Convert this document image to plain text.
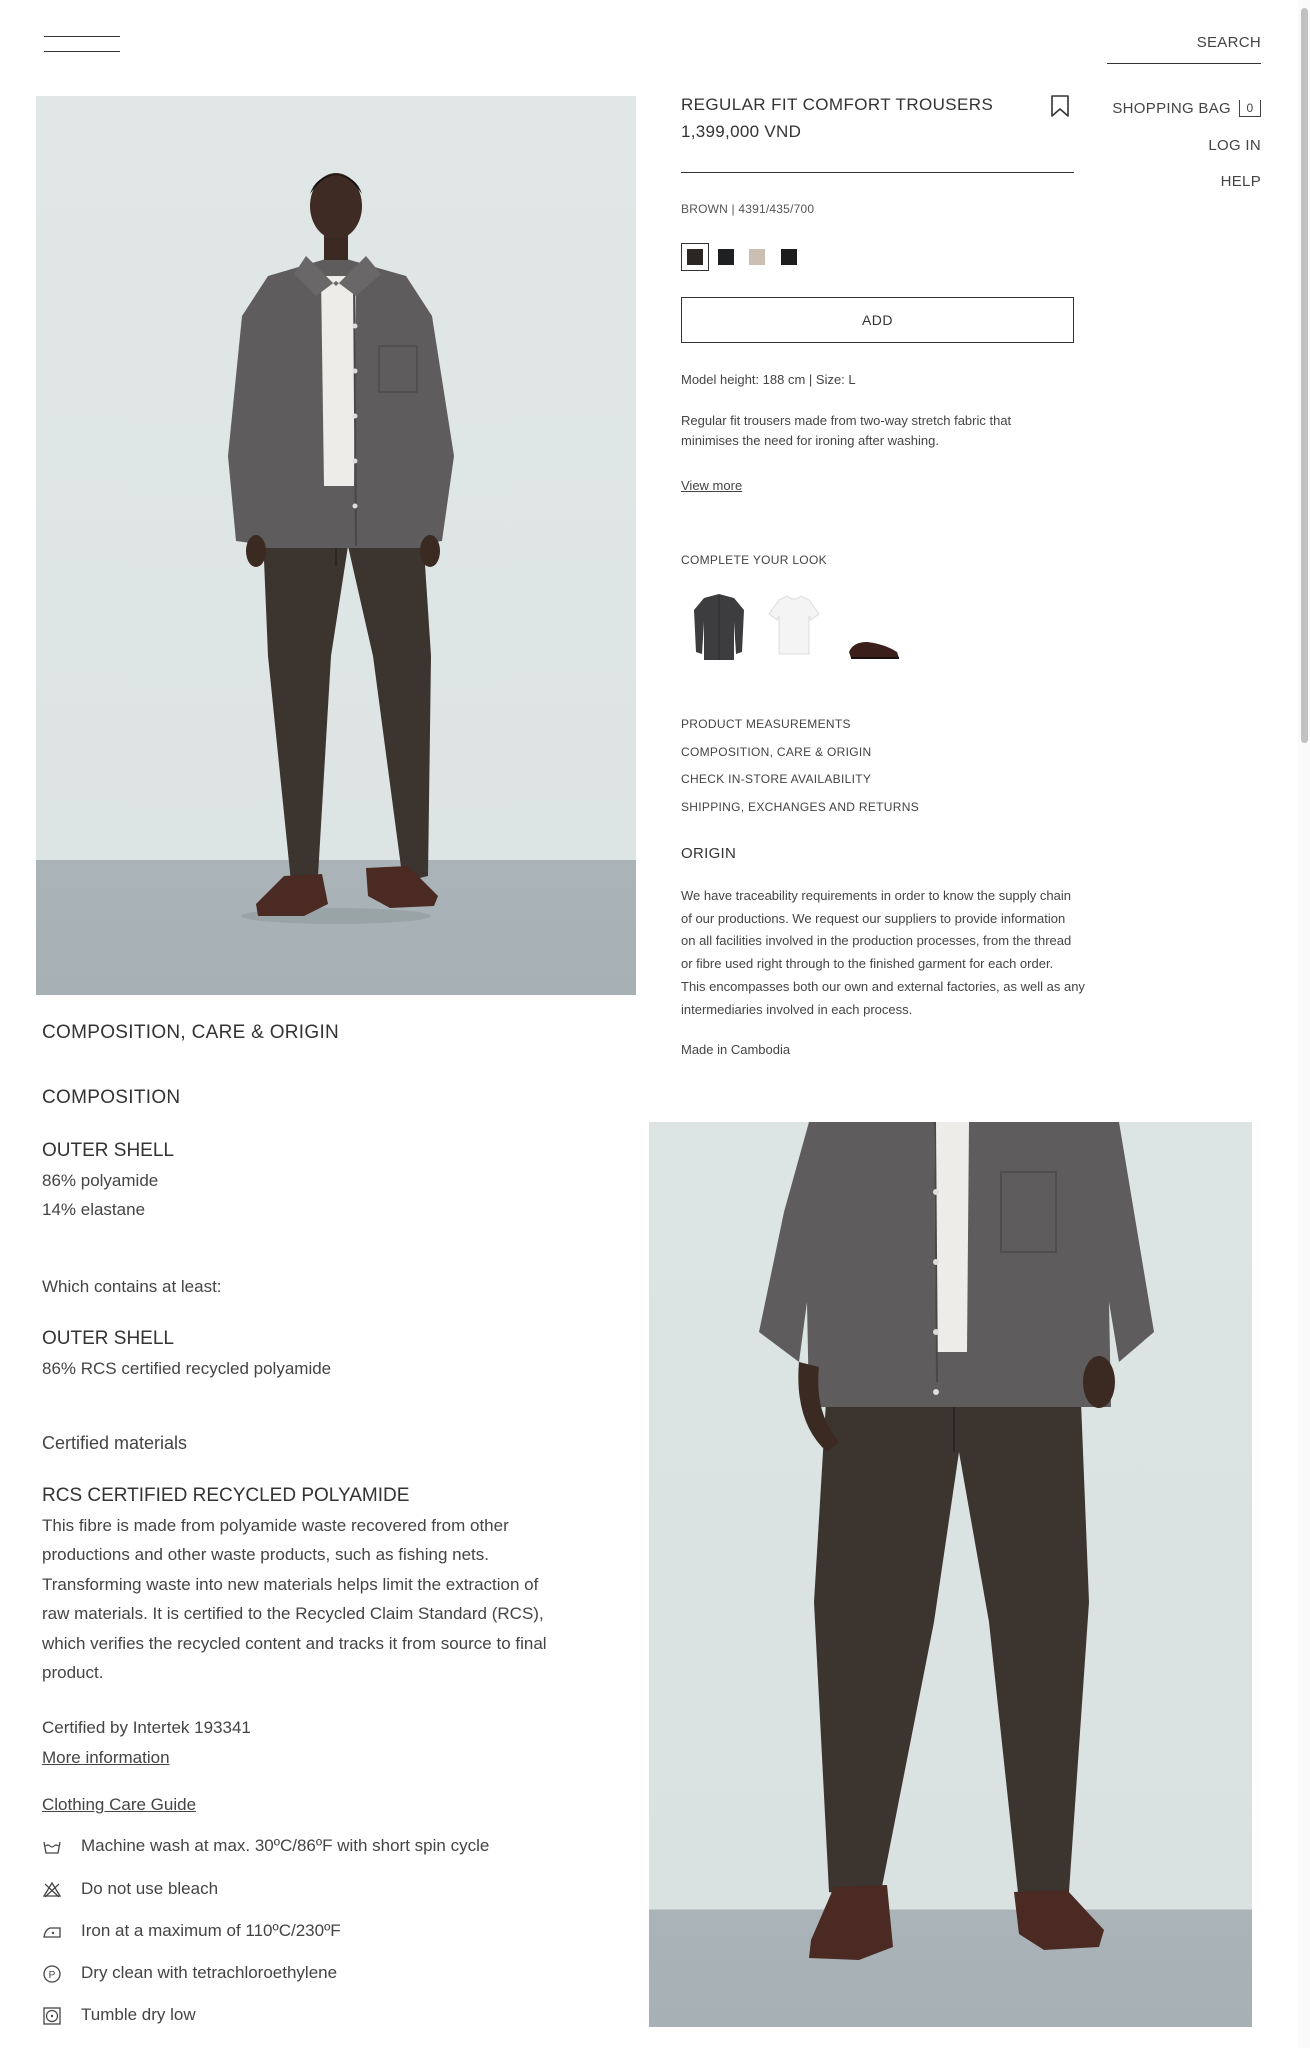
SEARCH
SHOPPING BAG 0
LOG IN
HELP
REGULAR FIT COMFORT TROUSERS
1,399,000 VND
BROWN | 4391/435/700
ADD
Model height: 188 cm | Size: L
Regular fit trousers made from two-way stretch fabric that
minimises the need for ironing after washing.
View more
COMPLETE YOUR LOOK
PRODUCT MEASUREMENTS
COMPOSITION, CARE & ORIGIN
CHECK IN-STORE AVAILABILITY
SHIPPING, EXCHANGES AND RETURNS
ORIGIN
We have traceability requirements in order to know the supply chain
of our productions. We request our suppliers to provide information
on all facilities involved in the production processes, from the thread
or fibre used right through to the finished garment for each order.
This encompasses both our own and external factories, as well as any
intermediaries involved in each process.
Made in Cambodia
COMPOSITION, CARE & ORIGIN
COMPOSITION
OUTER SHELL
86% polyamide
14% elastane
Which contains at least:
OUTER SHELL
86% RCS certified recycled polyamide
Certified materials
RCS CERTIFIED RECYCLED POLYAMIDE
This fibre is made from polyamide waste recovered from other
productions and other waste products, such as fishing nets.
Transforming waste into new materials helps limit the extraction of
raw materials. It is certified to the Recycled Claim Standard (RCS),
which verifies the recycled content and tracks it from source to final
product.
Certified by Intertek 193341
More information
Clothing Care Guide
Machine wash at max. 30ºC/86ºF with short spin cycle
Do not use bleach
Iron at a maximum of 110ºC/230ºF
P Dry clean with tetrachloroethylene
Tumble dry low
